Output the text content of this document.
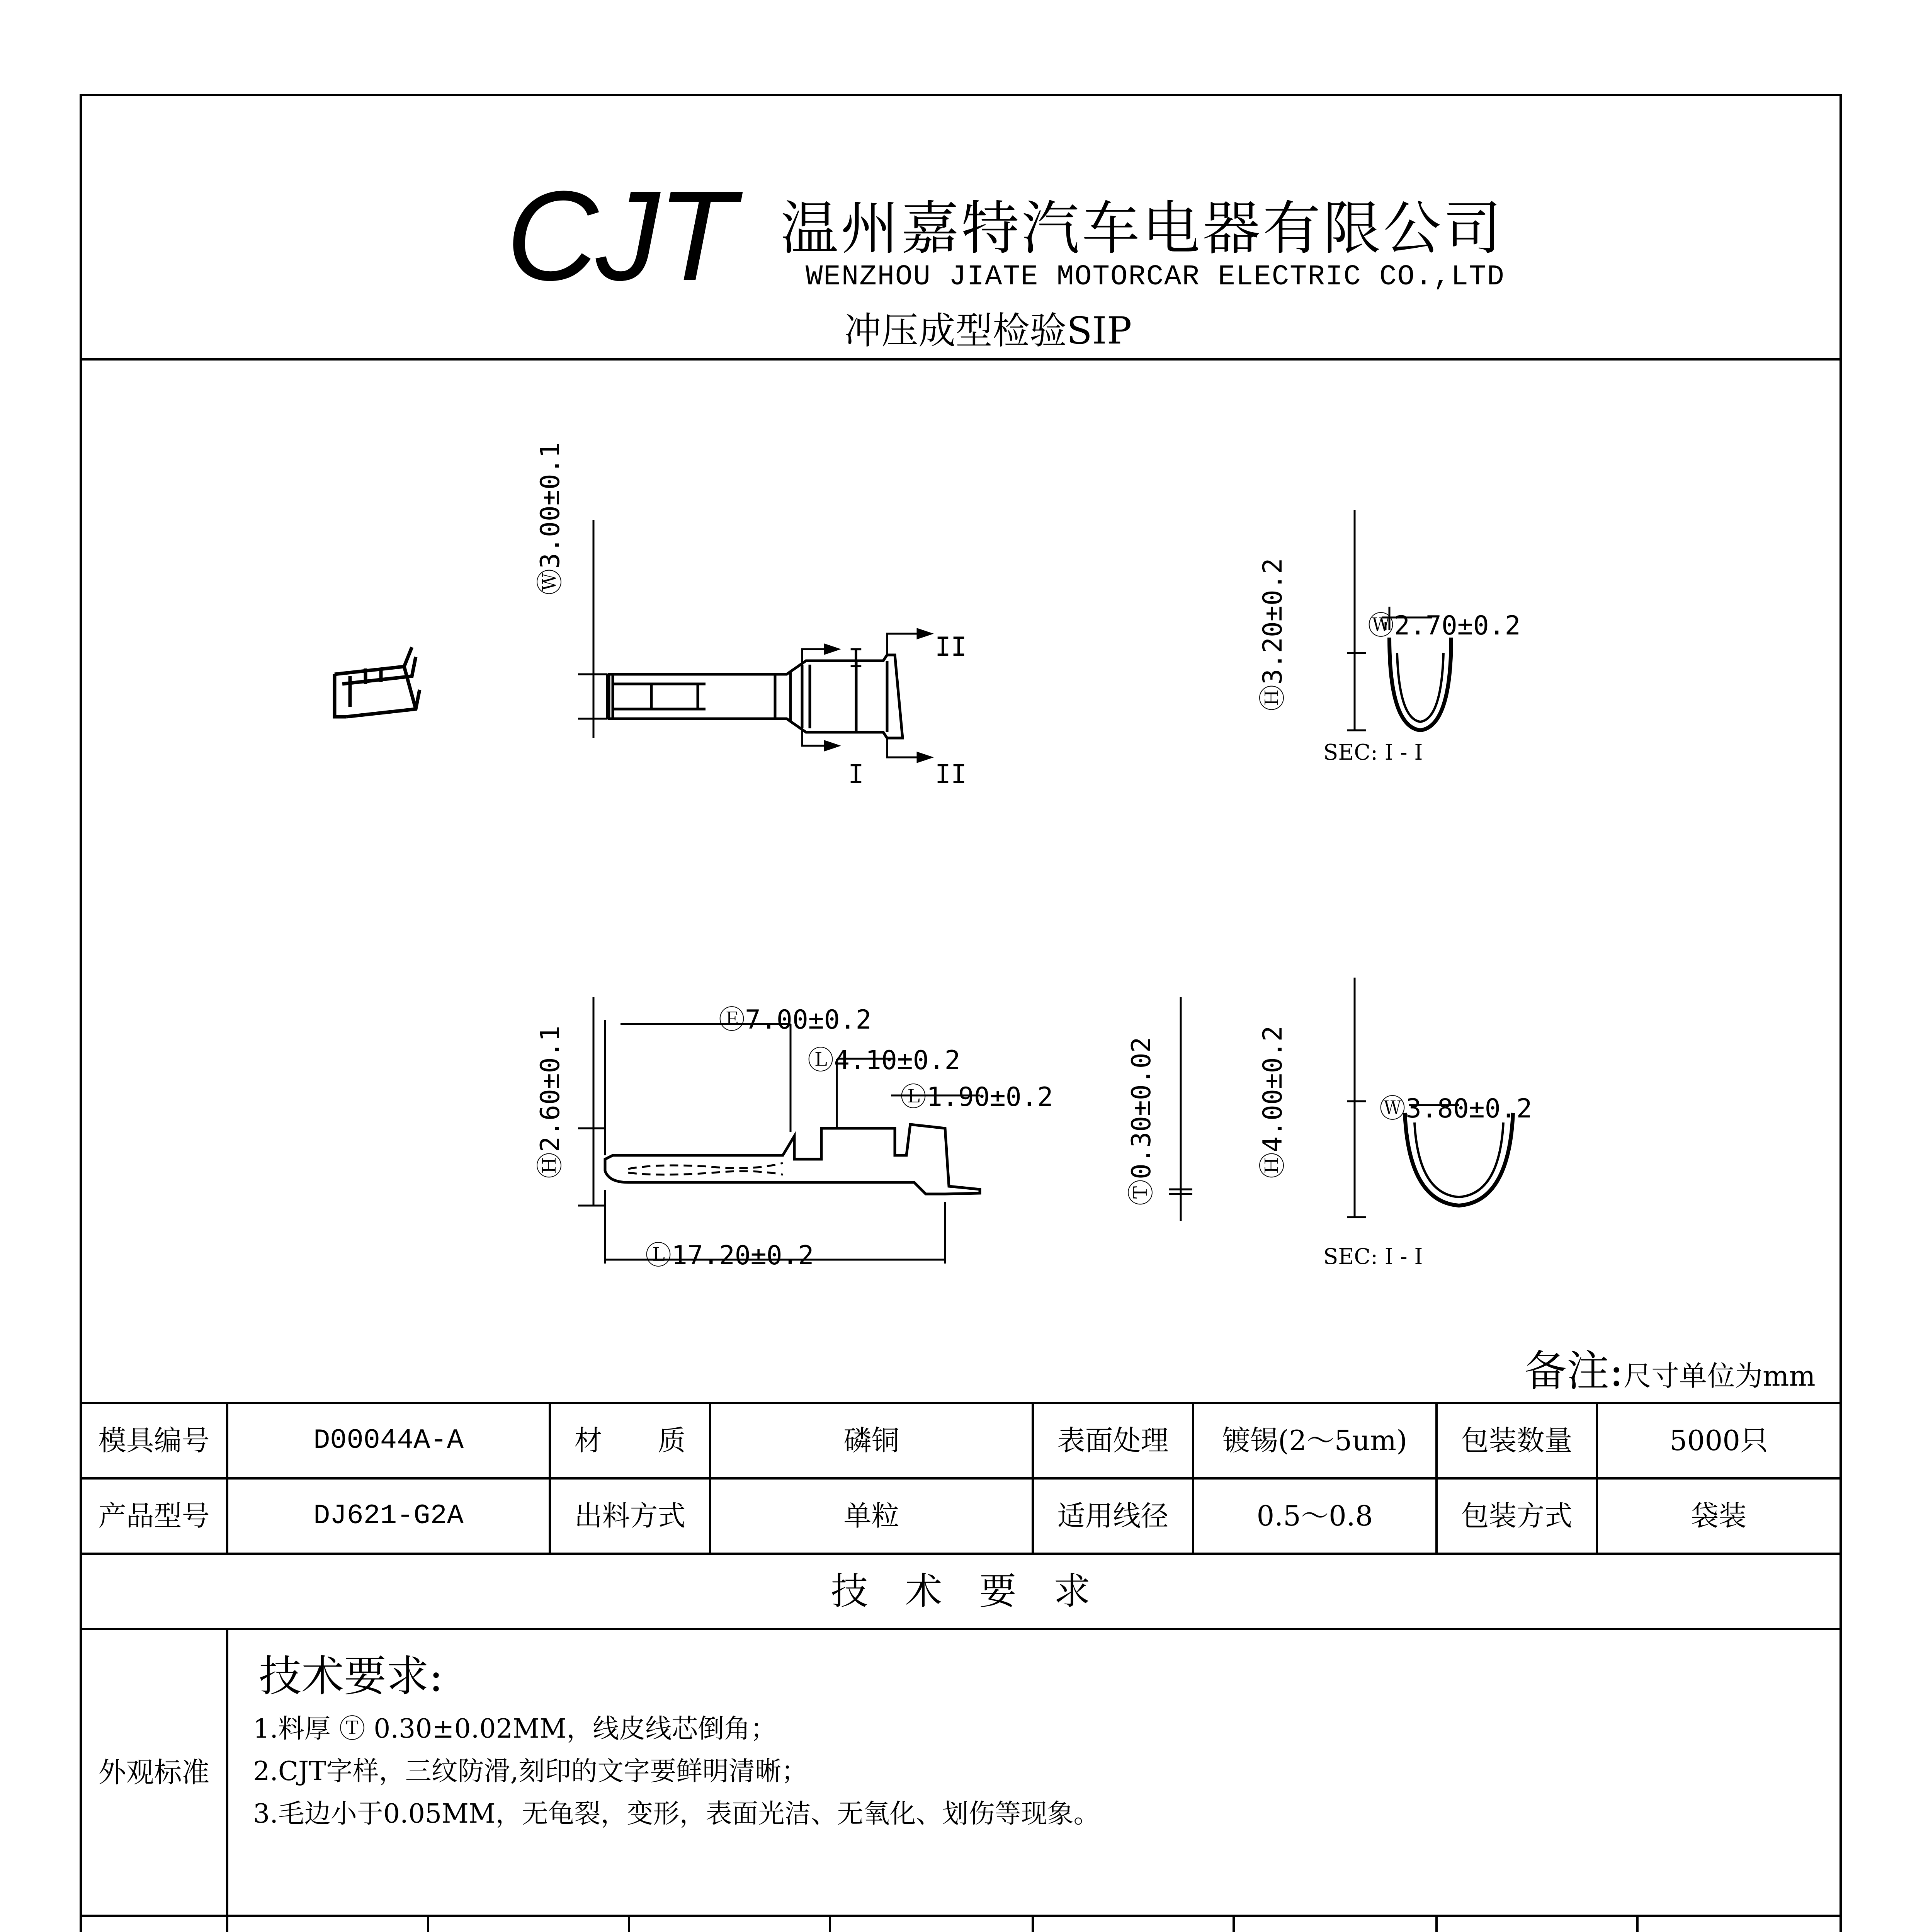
CJT 温州嘉特汽车电器有限公司
WENZHOU JIATE MOTORCAR ELECTRIC CO.,LTD
冲压成型检验SIP
Ⓦ3.00±0.1
I
I
II
II
Ⓗ3.20±0.2	Ⓦ2.70±0.2
SEC: I - I
Ⓗ2.60±0.1
Ⓔ7.00±0.2
Ⓛ4.10±0.2
Ⓛ1.90±0.2
Ⓣ0.30±0.02
Ⓛ17.20±0.2
Ⓗ4.00±0.2	Ⓦ3.80±0.2
SEC: I - I
备注:尺寸单位为mm
模具编号	D00044A-A	材　　质	磷铜	表面处理	镀锡(2～5um)	包装数量	5000只
产品型号	DJ621-G2A	出料方式	单粒	适用线径	0.5～0.8	包装方式	袋装
技　术　要　求
外观标准
技术要求:
1.料厚 Ⓣ 0.30±0.02MM，线皮线芯倒角；
2.CJT字样，三纹防滑,刻印的文字要鲜明清晰；
3.毛边小于0.05MM，无龟裂，变形，表面光洁、无氧化、划伤等现象。
